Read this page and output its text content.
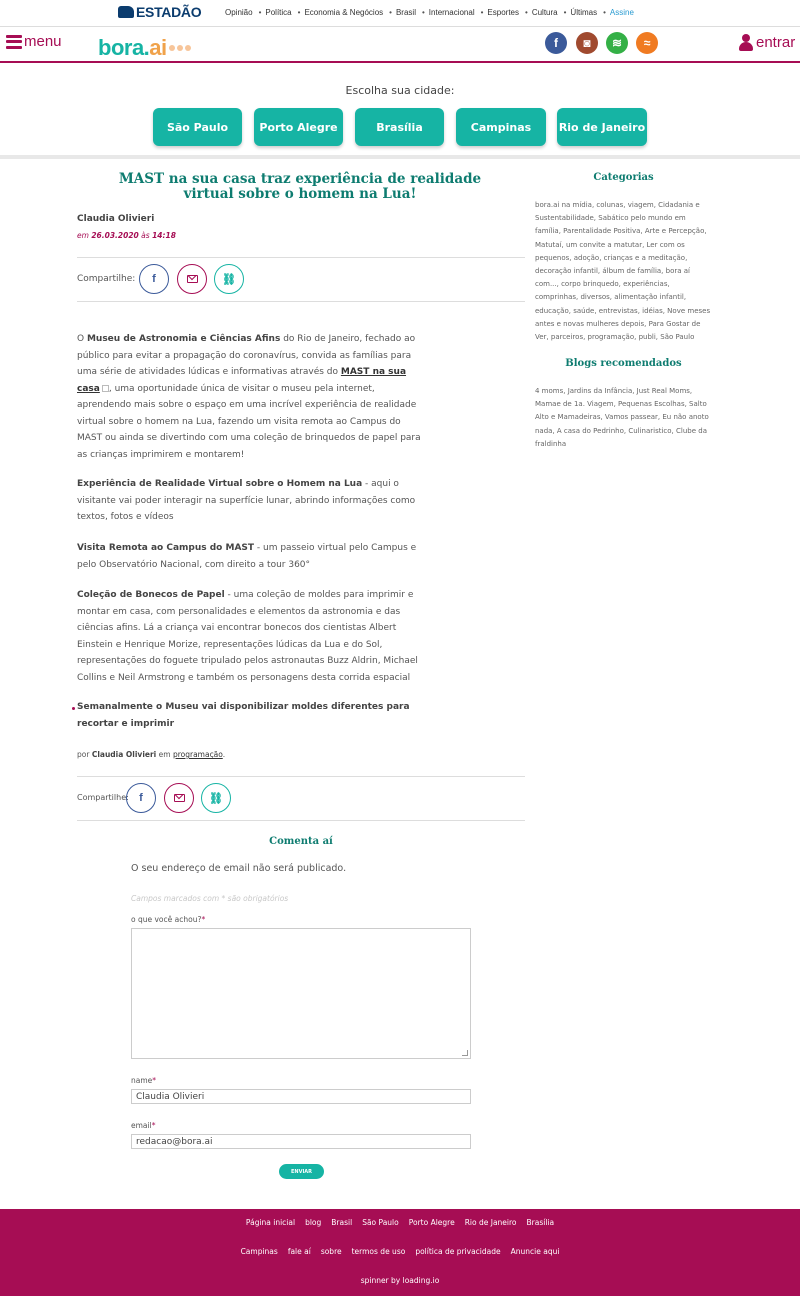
ESTADÃO	Opinião • Política • Economia & Negócios • Brasil • Internacional • Esportes • Cultura • Últimas • Assine
menu bora.ai	f	◙	≋	≈	entrar
Escolha sua cidade:
São Paulo	Porto Alegre	Brasília	Campinas	Rio de Janeiro
MAST na sua casa traz experiência de realidade virtual sobre o homem na Lua!
Claudia Olivieri
em 26.03.2020 às 14:18
Compartilhe: f	⛓
O Museu de Astronomia e Ciências Afins do Rio de Janeiro, fechado ao público para evitar a propagação do coronavírus, convida as famílias para uma série de atividades lúdicas e informativas através do MAST na sua casa , uma oportunidade única de visitar o museu pela internet, aprendendo mais sobre o espaço em uma incrível experiência de realidade virtual sobre o homem na Lua, fazendo um visita remota ao Campus do MAST ou ainda se divertindo com uma coleção de brinquedos de papel para as crianças imprimirem e montarem!
Experiência de Realidade Virtual sobre o Homem na Lua - aqui o visitante vai poder interagir na superfície lunar, abrindo informações como textos, fotos e vídeos
Visita Remota ao Campus do MAST - um passeio virtual pelo Campus e pelo Observatório Nacional, com direito a tour 360°
Coleção de Bonecos de Papel - uma coleção de moldes para imprimir e montar em casa, com personalidades e elementos da astronomia e das ciências afins. Lá a criança vai encontrar bonecos dos cientistas Albert Einstein e Henrique Morize, representações lúdicas da Lua e do Sol, representações do foguete tripulado pelos astronautas Buzz Aldrin, Michael Collins e Neil Armstrong e também os personagens desta corrida espacial
Semanalmente o Museu vai disponibilizar moldes diferentes para recortar e imprimir
por Claudia Olivieri em programação.
Compartilhe: f	⛓
Comenta aí
O seu endereço de email não será publicado.
Campos marcados com * são obrigatórios
o que você achou?*
name*
Claudia Olivieri
email*
redacao@bora.ai
ENVIAR
Categorias
bora.ai na mídia, colunas, viagem, Cidadania e Sustentabilidade, Sabático pelo mundo em família, Parentalidade Positiva, Arte e Percepção, Matutaí, um convite a matutar, Ler com os pequenos, adoção, crianças e a meditação, decoração infantil, álbum de família, bora aí com..., corpo brinquedo, experiências, comprinhas, diversos, alimentação infantil, educação, saúde, entrevistas, idéias, Nove meses antes e novas mulheres depois, Para Gostar de Ver, parceiros, programação, publi, São Paulo
Blogs recomendados
4 moms, Jardins da Infância, Just Real Moms, Mamae de 1a. Viagem, Pequenas Escolhas, Salto Alto e Mamadeiras, Vamos passear, Eu não anoto nada, A casa do Pedrinho, Culinaristico, Clube da fraldinha
Página inicial blog Brasil São Paulo Porto Alegre Rio de Janeiro Brasília
Campinas fale aí sobre termos de uso política de privacidade Anuncie aqui
spinner by loading.io
